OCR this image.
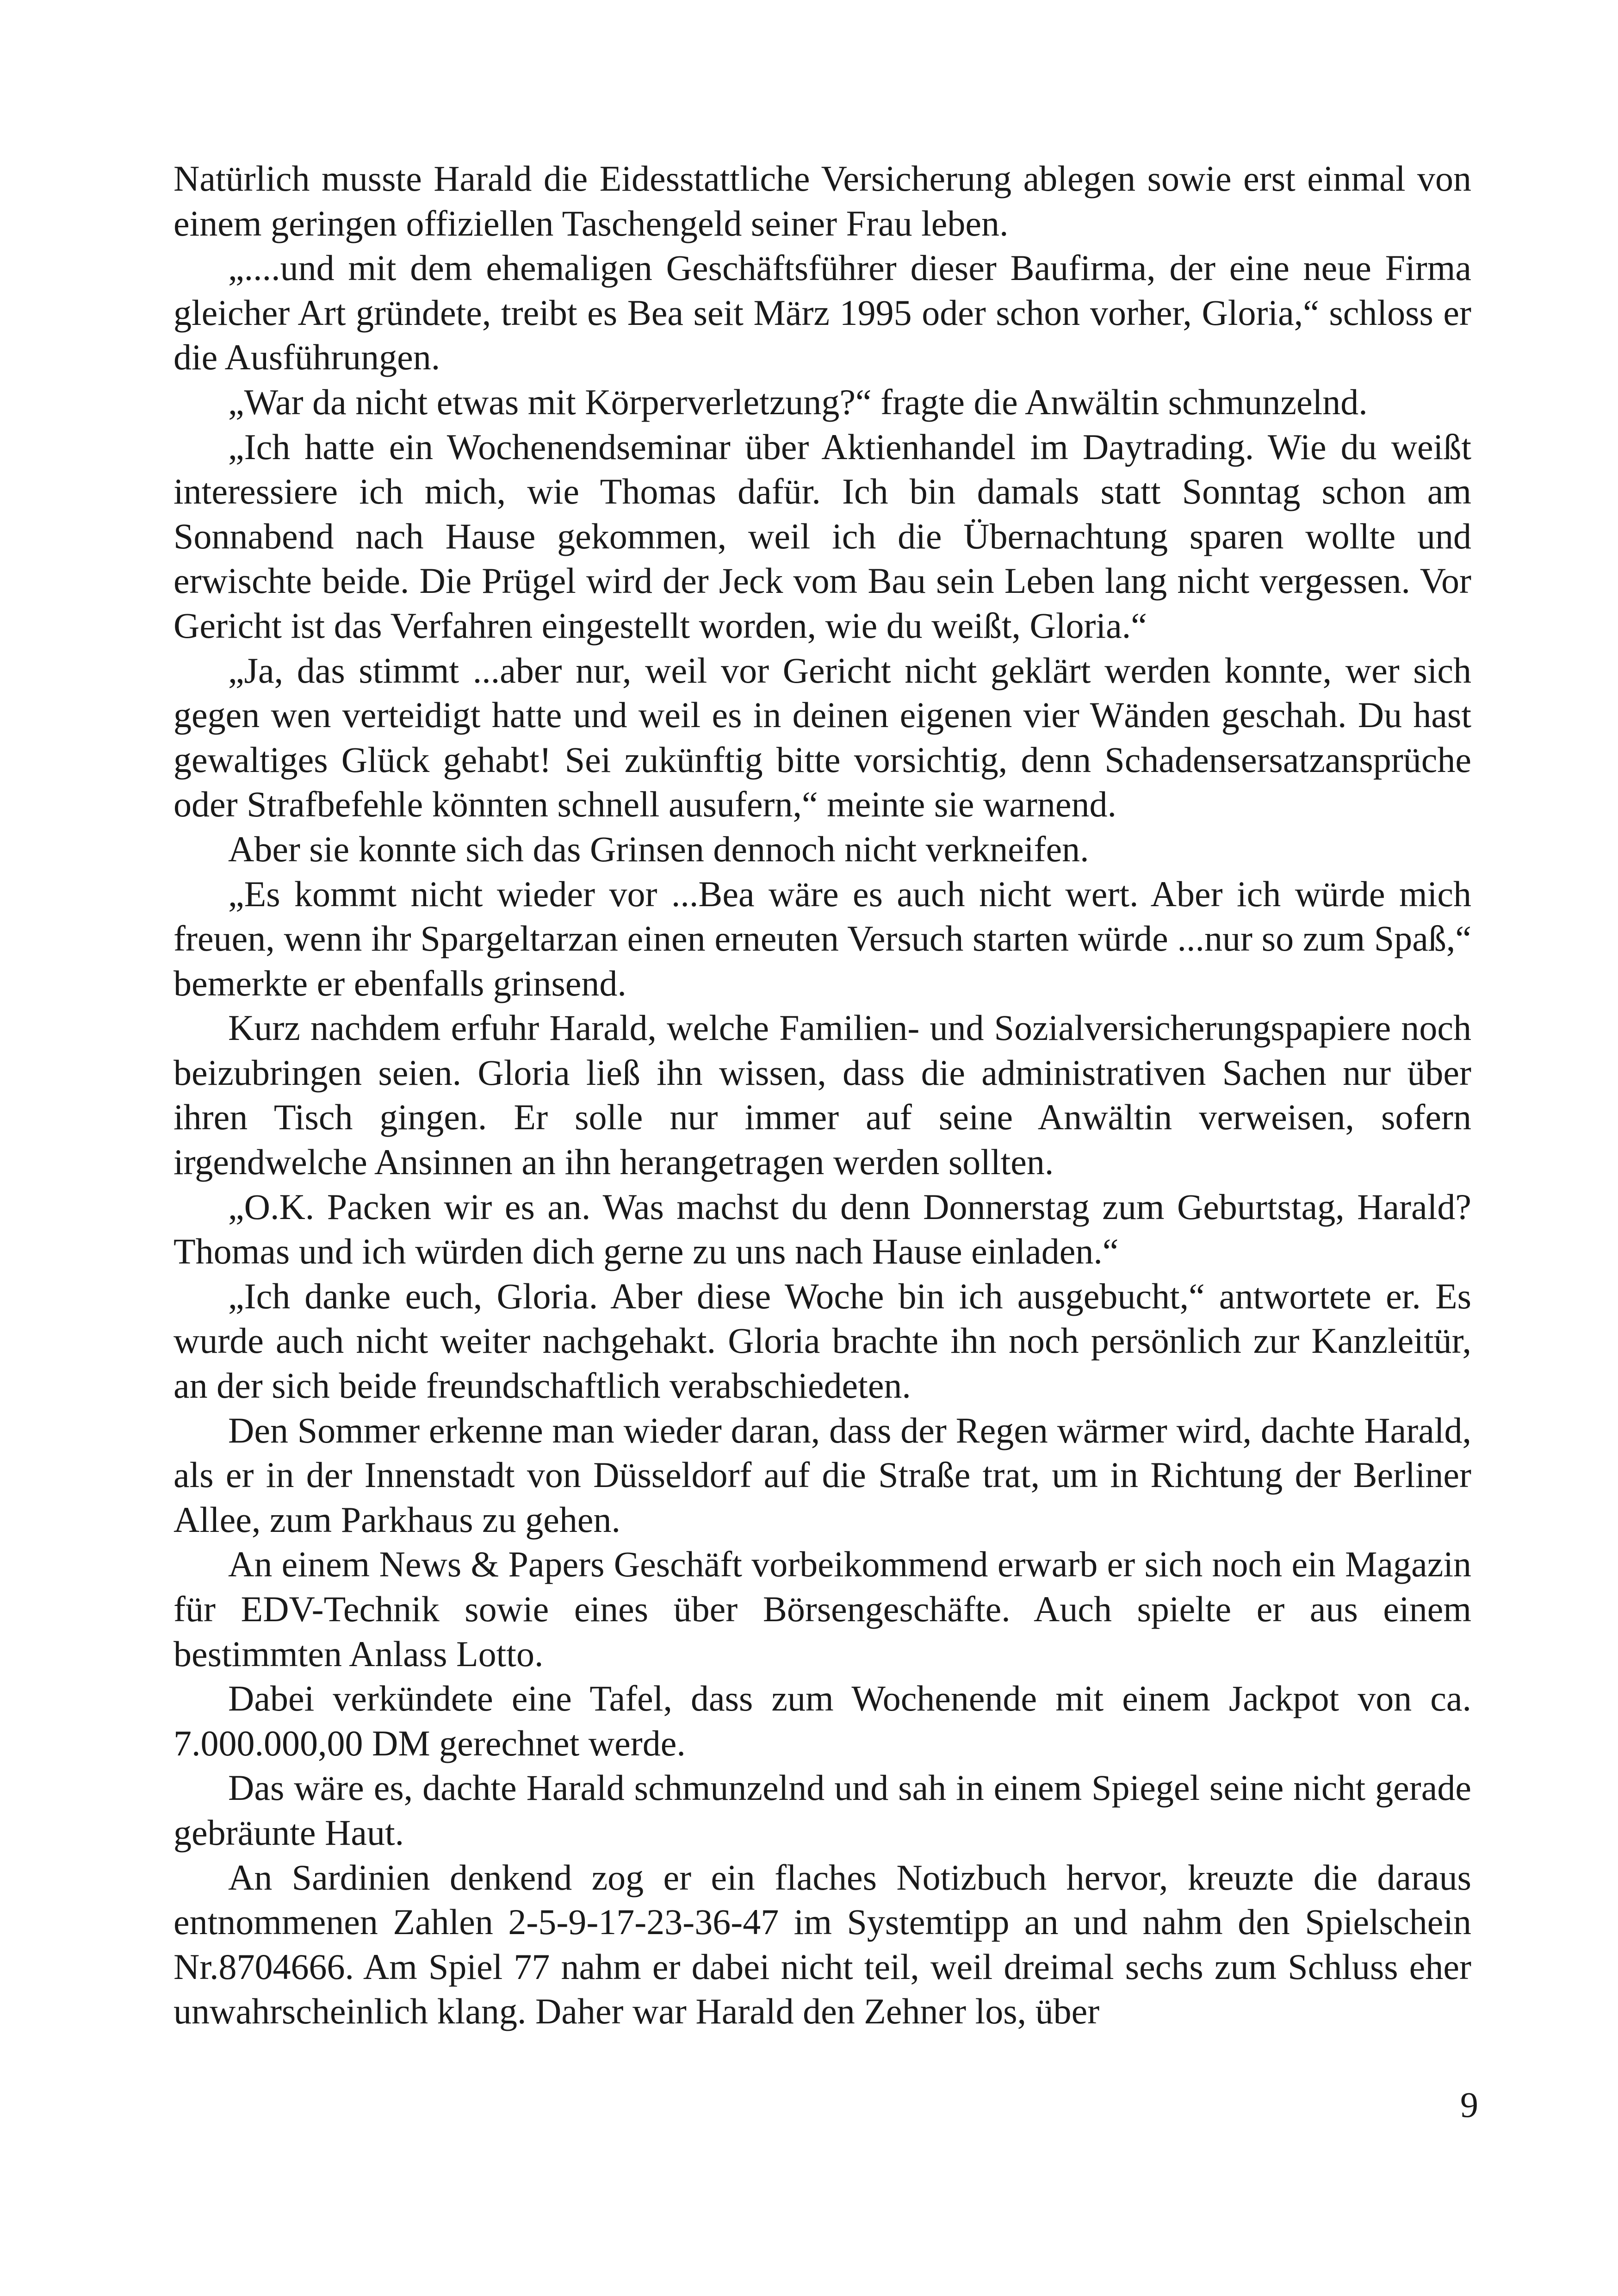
Natürlich musste Harald die Eidesstattliche Versicherung ablegen sowie erst einmal von einem geringen offiziellen Taschengeld seiner Frau leben.

„....und mit dem ehemaligen Geschäftsführer dieser Baufirma, der eine neue Firma gleicher Art gründete, treibt es Bea seit März 1995 oder schon vorher, Gloria,“ schloss er die Ausführungen.

„War da nicht etwas mit Körperverletzung?“ fragte die Anwältin schmunzelnd.

„Ich hatte ein Wochenendseminar über Aktienhandel im Daytrading. Wie du weißt interessiere ich mich, wie Thomas dafür. Ich bin damals statt Sonntag schon am Sonnabend nach Hause gekommen, weil ich die Übernachtung sparen wollte und erwischte beide. Die Prügel wird der Jeck vom Bau sein Leben lang nicht vergessen. Vor Gericht ist das Verfahren eingestellt worden, wie du weißt, Gloria.“

„Ja, das stimmt ...aber nur, weil vor Gericht nicht geklärt werden konnte, wer sich gegen wen verteidigt hatte und weil es in deinen eigenen vier Wänden geschah. Du hast gewaltiges Glück gehabt! Sei zukünftig bitte vorsichtig, denn Schadensersatzansprüche oder Strafbefehle könnten schnell ausufern,“ meinte sie warnend.

Aber sie konnte sich das Grinsen dennoch nicht verkneifen.

„Es kommt nicht wieder vor ...Bea wäre es auch nicht wert. Aber ich würde mich freuen, wenn ihr Spargeltarzan einen erneuten Versuch starten würde ...nur so zum Spaß,“ bemerkte er ebenfalls grinsend.

Kurz nachdem erfuhr Harald, welche Familien- und Sozialversicherungspapiere noch beizubringen seien. Gloria ließ ihn wissen, dass die administrativen Sachen nur über ihren Tisch gingen. Er solle nur immer auf seine Anwältin verweisen, sofern irgendwelche Ansinnen an ihn herangetragen werden sollten.

„O.K. Packen wir es an. Was machst du denn Donnerstag zum Geburtstag, Harald? Thomas und ich würden dich gerne zu uns nach Hause einladen.“

„Ich danke euch, Gloria. Aber diese Woche bin ich ausgebucht,“ antwortete er. Es wurde auch nicht weiter nachgehakt. Gloria brachte ihn noch persönlich zur Kanzleitür, an der sich beide freundschaftlich verabschiedeten.

Den Sommer erkenne man wieder daran, dass der Regen wärmer wird, dachte Harald, als er in der Innenstadt von Düsseldorf auf die Straße trat, um in Richtung der Berliner Allee, zum Parkhaus zu gehen.

An einem News & Papers Geschäft vorbeikommend erwarb er sich noch ein Magazin für EDV-Technik sowie eines über Börsengeschäfte. Auch spielte er aus einem bestimmten Anlass Lotto.

Dabei verkündete eine Tafel, dass zum Wochenende mit einem Jackpot von ca. 7.000.000,00 DM gerechnet werde.

Das wäre es, dachte Harald schmunzelnd und sah in einem Spiegel seine nicht gerade gebräunte Haut.

An Sardinien denkend zog er ein flaches Notizbuch hervor, kreuzte die daraus entnommenen Zahlen 2-5-9-17-23-36-47 im Systemtipp an und nahm den Spielschein Nr.8704666. Am Spiel 77 nahm er dabei nicht teil, weil dreimal sechs zum Schluss eher unwahrscheinlich klang. Daher war Harald den Zehner los, über

9
